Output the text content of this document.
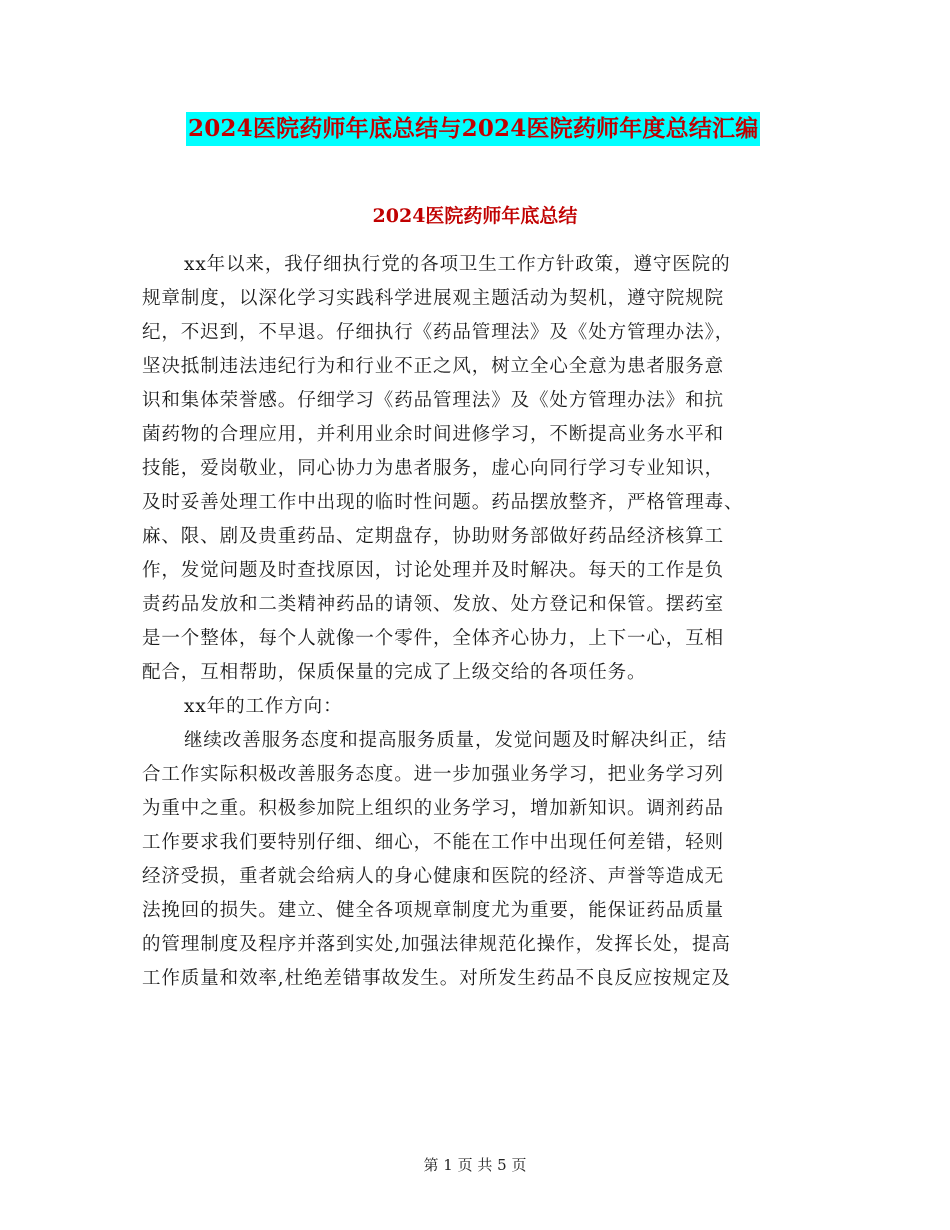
2024医院药师年底总结与2024医院药师年度总结汇编
2024医院药师年底总结
xx年以来，我仔细执行党的各项卫生工作方针政策，遵守医院的
规章制度，以深化学习实践科学进展观主题活动为契机，遵守院规院
纪，不迟到，不早退。仔细执行《药品管理法》及《处方管理办法》，
坚决抵制违法违纪行为和行业不正之风，树立全心全意为患者服务意
识和集体荣誉感。仔细学习《药品管理法》及《处方管理办法》和抗
菌药物的合理应用，并利用业余时间进修学习，不断提高业务水平和
技能，爱岗敬业，同心协力为患者服务，虚心向同行学习专业知识，
及时妥善处理工作中出现的临时性问题。药品摆放整齐，严格管理毒、
麻、限、剧及贵重药品、定期盘存，协助财务部做好药品经济核算工
作，发觉问题及时查找原因，讨论处理并及时解决。每天的工作是负
责药品发放和二类精神药品的请领、发放、处方登记和保管。摆药室
是一个整体，每个人就像一个零件，全体齐心协力，上下一心，互相
配合，互相帮助，保质保量的完成了上级交给的各项任务。
xx年的工作方向：
继续改善服务态度和提高服务质量，发觉问题及时解决纠正，结
合工作实际积极改善服务态度。进一步加强业务学习，把业务学习列
为重中之重。积极参加院上组织的业务学习，增加新知识。调剂药品
工作要求我们要特别仔细、细心，不能在工作中出现任何差错，轻则
经济受损，重者就会给病人的身心健康和医院的经济、声誉等造成无
法挽回的损失。建立、健全各项规章制度尤为重要，能保证药品质量
的管理制度及程序并落到实处,加强法律规范化操作，发挥长处，提高
工作质量和效率,杜绝差错事故发生。对所发生药品不良反应按规定及
第 1 页 共 5 页
